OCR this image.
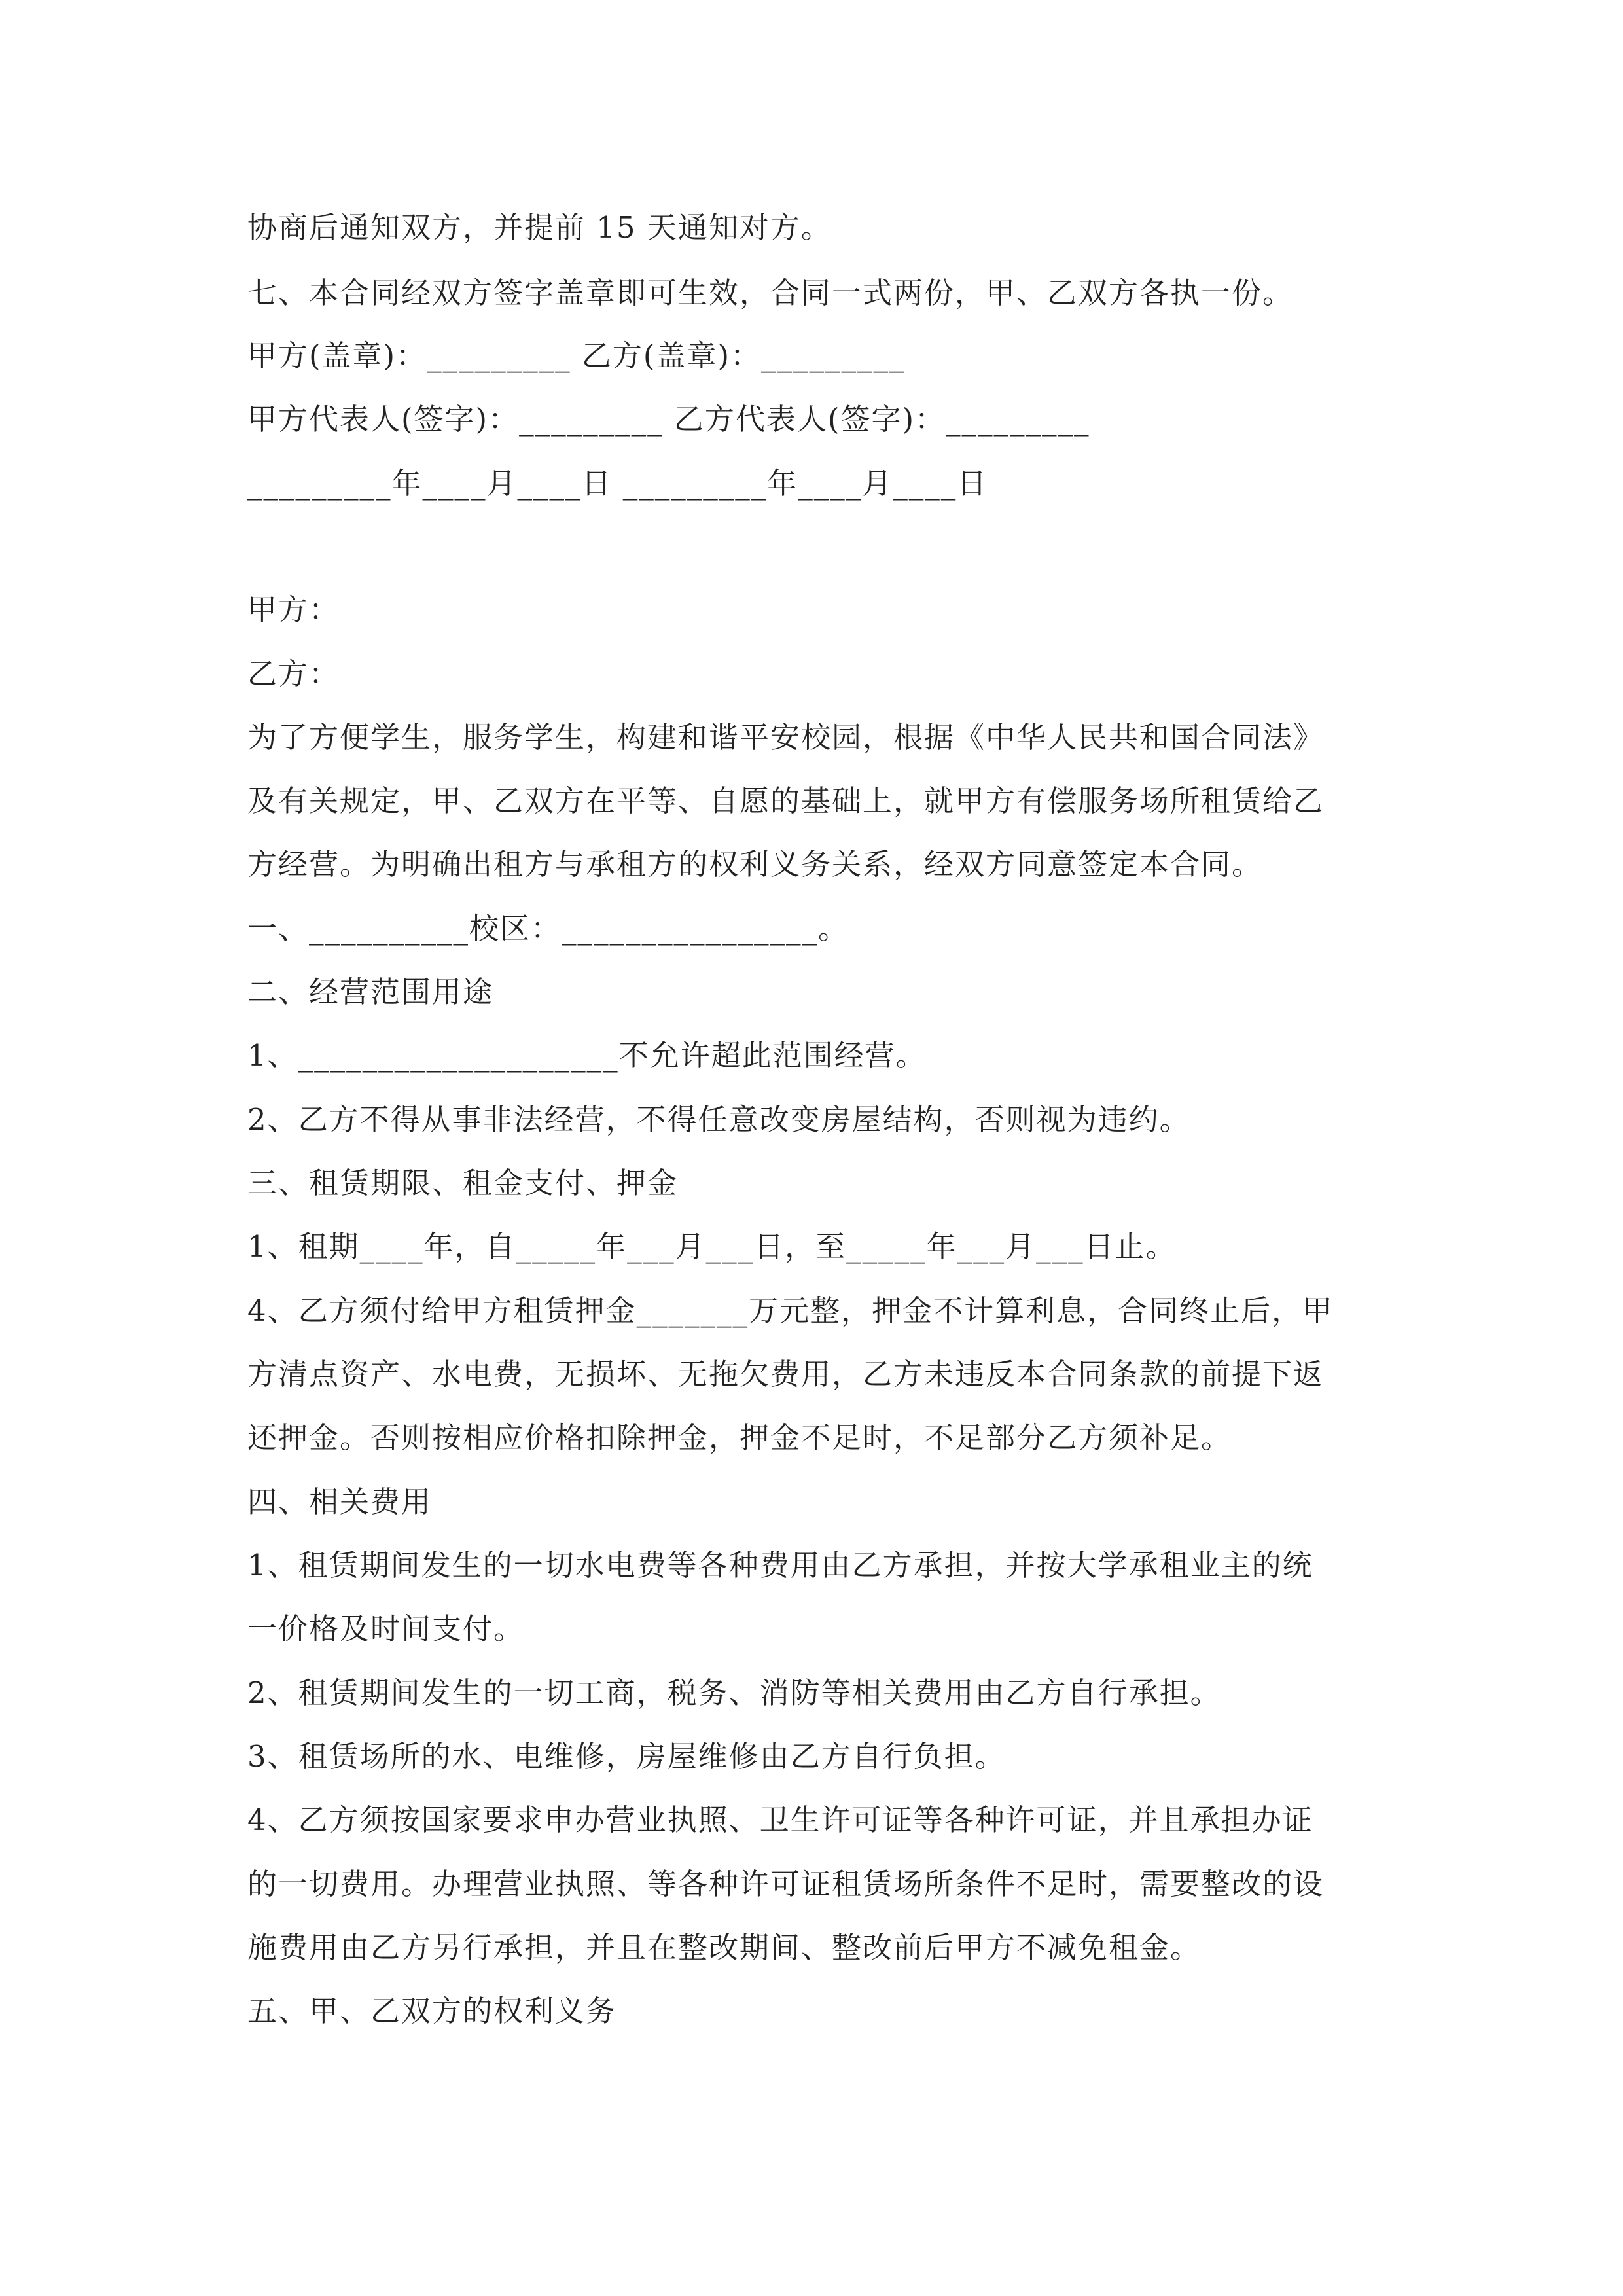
协商后通知双方，并提前 15 天通知对方。
七、本合同经双方签字盖章即可生效，合同一式两份，甲、乙双方各执一份。
甲方(盖章)：_________ 乙方(盖章)：_________
甲方代表人(签字)：_________ 乙方代表人(签字)：_________
_________年____月____日 _________年____月____日
甲方：
乙方：
为了方便学生，服务学生，构建和谐平安校园，根据《中华人民共和国合同法》
及有关规定，甲、乙双方在平等、自愿的基础上，就甲方有偿服务场所租赁给乙
方经营。为明确出租方与承租方的权利义务关系，经双方同意签定本合同。
一、__________校区：________________。
二、经营范围用途
1、____________________不允许超此范围经营。
2、乙方不得从事非法经营，不得任意改变房屋结构，否则视为违约。
三、租赁期限、租金支付、押金
1、租期____年，自_____年___月___日，至_____年___月___日止。
4、乙方须付给甲方租赁押金_______万元整，押金不计算利息，合同终止后，甲
方清点资产、水电费，无损坏、无拖欠费用，乙方未违反本合同条款的前提下返
还押金。否则按相应价格扣除押金，押金不足时，不足部分乙方须补足。
四、相关费用
1、租赁期间发生的一切水电费等各种费用由乙方承担，并按大学承租业主的统
一价格及时间支付。
2、租赁期间发生的一切工商，税务、消防等相关费用由乙方自行承担。
3、租赁场所的水、电维修，房屋维修由乙方自行负担。
4、乙方须按国家要求申办营业执照、卫生许可证等各种许可证，并且承担办证
的一切费用。办理营业执照、等各种许可证租赁场所条件不足时，需要整改的设
施费用由乙方另行承担，并且在整改期间、整改前后甲方不减免租金。
五、甲、乙双方的权利义务
